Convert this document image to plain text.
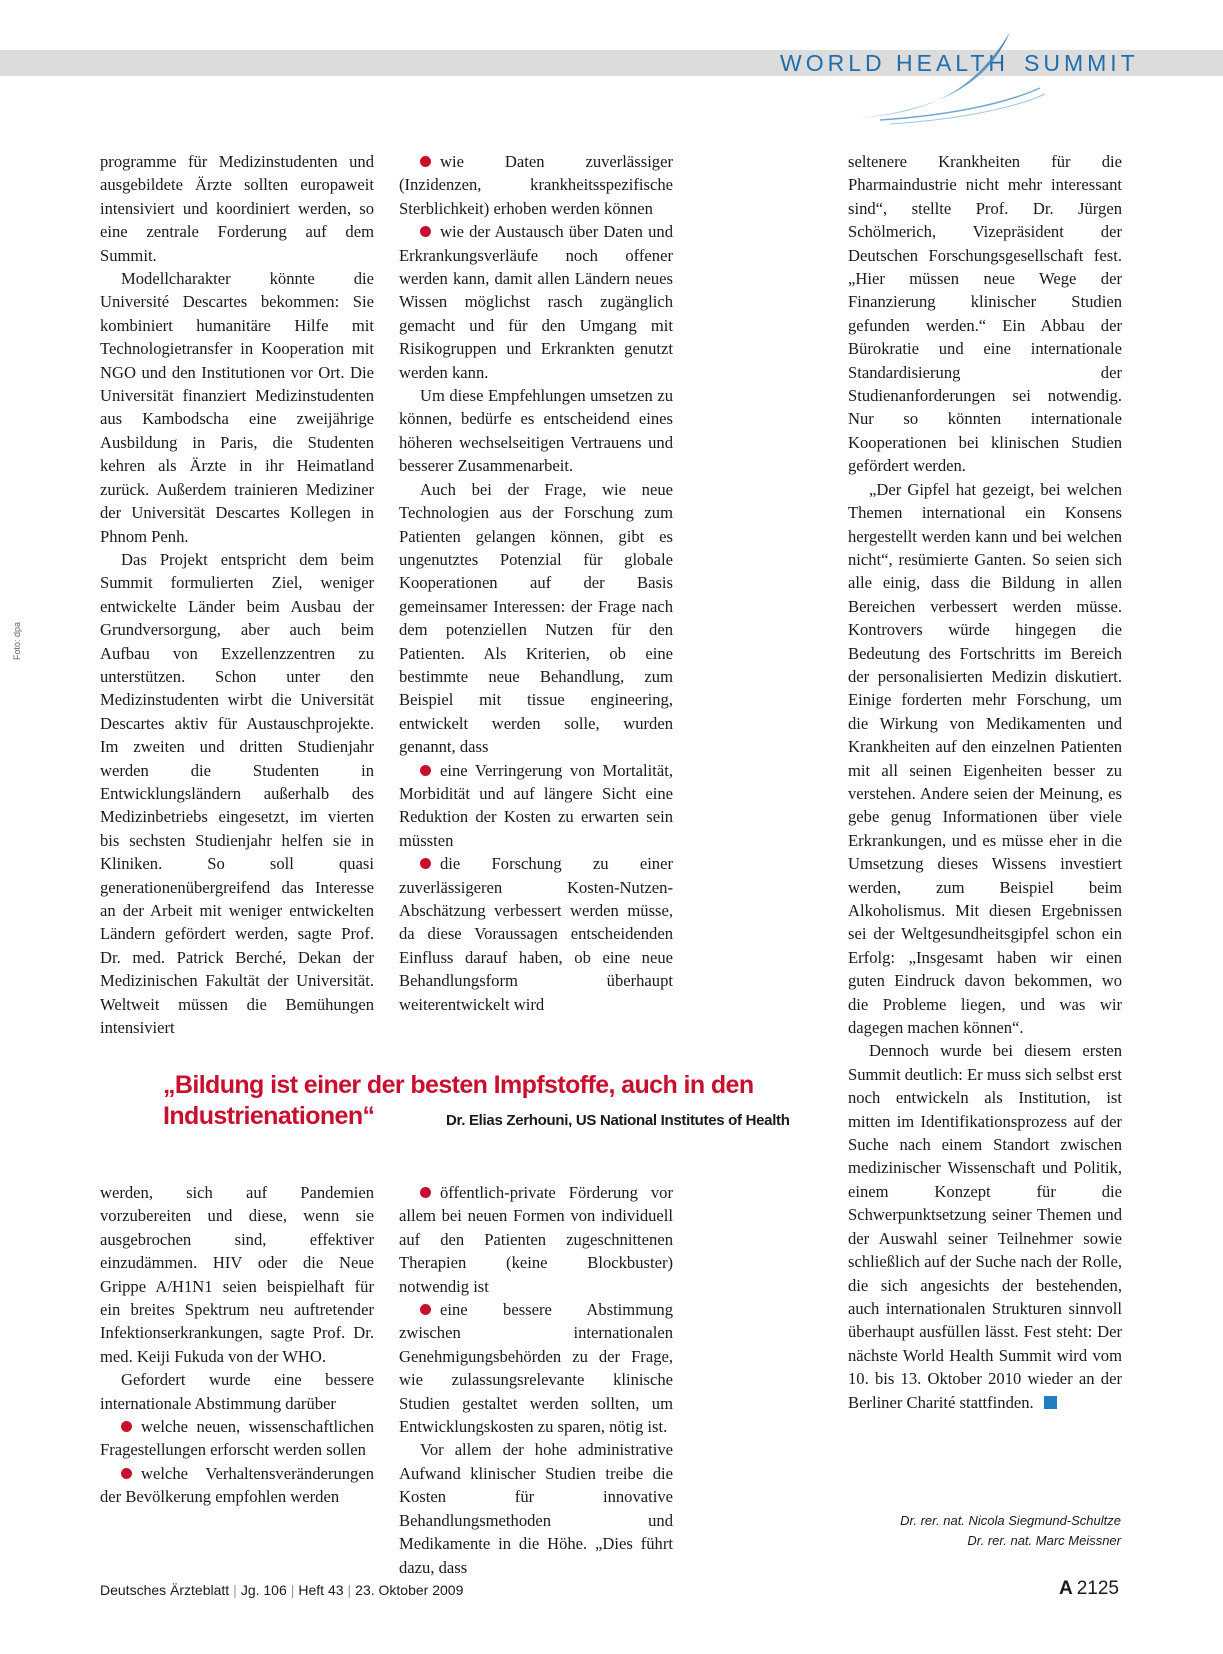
WORLD HEALTH SUMMIT
Foto: dpa

programme für Medizinstudenten und ausgebildete Ärzte sollten europaweit intensiviert und koordiniert werden, so eine zentrale Forderung auf dem Summit.

Modellcharakter könnte die Université Descartes bekommen: Sie kombiniert humanitäre Hilfe mit Technologietransfer in Kooperation mit NGO und den Institutionen vor Ort. Die Universität finanziert Medizinstudenten aus Kambodscha eine zweijährige Ausbildung in Paris, die Studenten kehren als Ärzte in ihr Heimatland zurück. Außerdem trainieren Mediziner der Universität Descartes Kollegen in Phnom Penh.

Das Projekt entspricht dem beim Summit formulierten Ziel, weniger entwickelte Länder beim Ausbau der Grundversorgung, aber auch beim Aufbau von Exzellenzzentren zu unterstützen. Schon unter den Medizinstudenten wirbt die Universität Descartes aktiv für Austauschprojekte. Im zweiten und dritten Studienjahr werden die Studenten in Entwicklungsländern außerhalb des Medizinbetriebs eingesetzt, im vierten bis sechsten Studienjahr helfen sie in Kliniken. So soll quasi generationenübergreifend das Interesse an der Arbeit mit weniger entwickelten Ländern gefördert werden, sagte Prof. Dr. med. Patrick Berché, Dekan der Medizinischen Fakultät der Universität. Weltweit müssen die Bemühungen intensiviert

wie Daten zuverlässiger (Inzidenzen, krankheitsspezifische Sterblichkeit) erhoben werden können

wie der Austausch über Daten und Erkrankungsverläufe noch offener werden kann, damit allen Ländern neues Wissen möglichst rasch zugänglich gemacht und für den Umgang mit Risikogruppen und Erkrankten genutzt werden kann.

Um diese Empfehlungen umsetzen zu können, bedürfe es entscheidend eines höheren wechselseitigen Vertrauens und besserer Zusammenarbeit.

Auch bei der Frage, wie neue Technologien aus der Forschung zum Patienten gelangen können, gibt es ungenutztes Potenzial für globale Kooperationen auf der Basis gemeinsamer Interessen: der Frage nach dem potenziellen Nutzen für den Patienten. Als Kriterien, ob eine bestimmte neue Behandlung, zum Beispiel mit tissue engineering, entwickelt werden solle, wurden genannt, dass

eine Verringerung von Mortalität, Morbidität und auf längere Sicht eine Reduktion der Kosten zu erwarten sein müssten

die Forschung zu einer zuverlässigeren Kosten-Nutzen-Abschätzung verbessert werden müsse, da diese Voraussagen entscheidenden Einfluss darauf haben, ob eine neue Behandlungsform überhaupt weiterentwickelt wird

seltenere Krankheiten für die Pharmaindustrie nicht mehr interessant sind“, stellte Prof. Dr. Jürgen Schölmerich, Vizepräsident der Deutschen Forschungsgesellschaft fest. „Hier müssen neue Wege der Finanzierung klinischer Studien gefunden werden.“ Ein Abbau der Bürokratie und eine internationale Standardisierung der Studienanforderungen sei notwendig. Nur so könnten internationale Kooperationen bei klinischen Studien gefördert werden.

„Der Gipfel hat gezeigt, bei welchen Themen international ein Konsens hergestellt werden kann und bei welchen nicht“, resümierte Ganten. So seien sich alle einig, dass die Bildung in allen Bereichen verbessert werden müsse. Kontrovers würde hingegen die Bedeutung des Fortschritts im Bereich der personalisierten Medizin diskutiert. Einige forderten mehr Forschung, um die Wirkung von Medikamenten und Krankheiten auf den einzelnen Patienten mit all seinen Eigenheiten besser zu verstehen. Andere seien der Meinung, es gebe genug Informationen über viele Erkrankungen, und es müsse eher in die Umsetzung dieses Wissens investiert werden, zum Beispiel beim Alkoholismus. Mit diesen Ergebnissen sei der Weltgesundheitsgipfel schon ein Erfolg: „Insgesamt haben wir einen guten Eindruck davon bekommen, wo die Probleme liegen, und was wir dagegen machen können“.

Dennoch wurde bei diesem ersten Summit deutlich: Er muss sich selbst erst noch entwickeln als Institution, ist mitten im Identifikationsprozess auf der Suche nach einem Standort zwischen medizinischer Wissenschaft und Politik, einem Konzept für die Schwerpunktsetzung seiner Themen und der Auswahl seiner Teilnehmer sowie schließlich auf der Suche nach der Rolle, die sich angesichts der bestehenden, auch internationalen Strukturen sinnvoll überhaupt ausfüllen lässt. Fest steht: Der nächste World Health Summit wird vom 10. bis 13. Oktober 2010 wieder an der Berliner Charité stattfinden.

„Bildung ist einer der besten Impfstoffe, auch in den Industrienationen“	Dr. Elias Zerhouni, US National Institutes of Health

werden, sich auf Pandemien vorzubereiten und diese, wenn sie ausgebrochen sind, effektiver einzudämmen. HIV oder die Neue Grippe A/H1N1 seien beispielhaft für ein breites Spektrum neu auftretender Infektionserkrankungen, sagte Prof. Dr. med. Keiji Fukuda von der WHO.

Gefordert wurde eine bessere internationale Abstimmung darüber

welche neuen, wissenschaftlichen Fragestellungen erforscht werden sollen

welche Verhaltensveränderungen der Bevölkerung empfohlen werden

öffentlich-private Förderung vor allem bei neuen Formen von individuell auf den Patienten zugeschnittenen Therapien (keine Blockbuster) notwendig ist

eine bessere Abstimmung zwischen internationalen Genehmigungsbehörden zu der Frage, wie zulassungsrelevante klinische Studien gestaltet werden sollten, um Entwicklungskosten zu sparen, nötig ist.

Vor allem der hohe administrative Aufwand klinischer Studien treibe die Kosten für innovative Behandlungsmethoden und Medikamente in die Höhe. „Dies führt dazu, dass

Dr. rer. nat. Nicola Siegmund-Schultze
Dr. rer. nat. Marc Meissner
Deutsches Ärzteblatt | Jg. 106 | Heft 43 | 23. Oktober 2009	A 2125
